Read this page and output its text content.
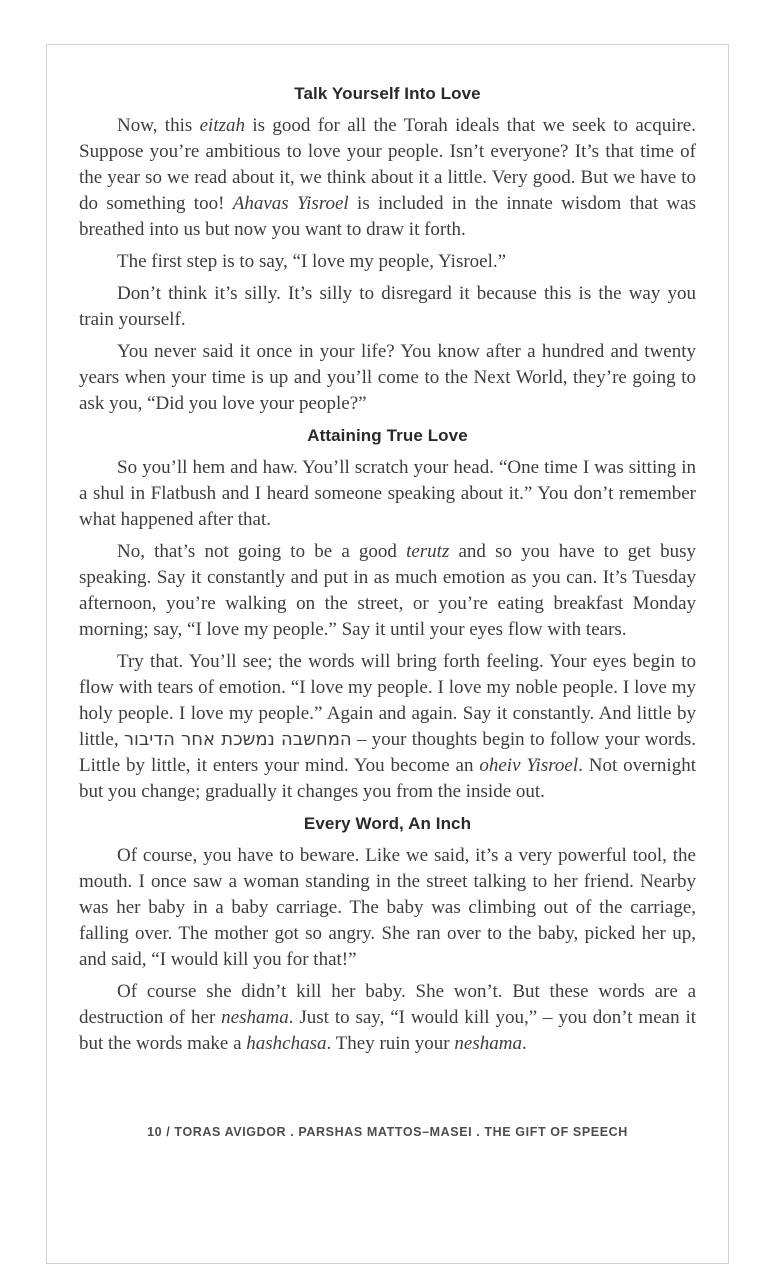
Talk Yourself Into Love

Now, this eitzah is good for all the Torah ideals that we seek to acquire. Suppose you’re ambitious to love your people. Isn’t everyone? It’s that time of the year so we read about it, we think about it a little. Very good. But we have to do something too! Ahavas Yisroel is included in the innate wisdom that was breathed into us but now you want to draw it forth.

The first step is to say, “I love my people, Yisroel.”

Don’t think it’s silly. It’s silly to disregard it because this is the way you train yourself.

You never said it once in your life? You know after a hundred and twenty years when your time is up and you’ll come to the Next World, they’re going to ask you, “Did you love your people?”

Attaining True Love

So you’ll hem and haw. You’ll scratch your head. “One time I was sitting in a shul in Flatbush and I heard someone speaking about it.” You don’t remember what happened after that.

No, that’s not going to be a good terutz and so you have to get busy speaking. Say it constantly and put in as much emotion as you can. It’s Tuesday afternoon, you’re walking on the street, or you’re eating breakfast Monday morning; say, “I love my people.” Say it until your eyes flow with tears.

Try that. You’ll see; the words will bring forth feeling. Your eyes begin to flow with tears of emotion. “I love my people. I love my noble people. I love my holy people. I love my people.” Again and again. Say it constantly. And little by little, המחשבה נמשכת אחר הדיבור – your thoughts begin to follow your words. Little by little, it enters your mind. You become an oheiv Yisroel. Not overnight but you change; gradually it changes you from the inside out.

Every Word, An Inch

Of course, you have to beware. Like we said, it’s a very powerful tool, the mouth. I once saw a woman standing in the street talking to her friend. Nearby was her baby in a baby carriage. The baby was climbing out of the carriage, falling over. The mother got so angry. She ran over to the baby, picked her up, and said, “I would kill you for that!”

Of course she didn’t kill her baby. She won’t. But these words are a destruction of her neshama. Just to say, “I would kill you,” – you don’t mean it but the words make a hashchasa. They ruin your neshama.

10 / TORAS AVIGDOR . PARSHAS MATTOS–MASEI . THE GIFT OF SPEECH
